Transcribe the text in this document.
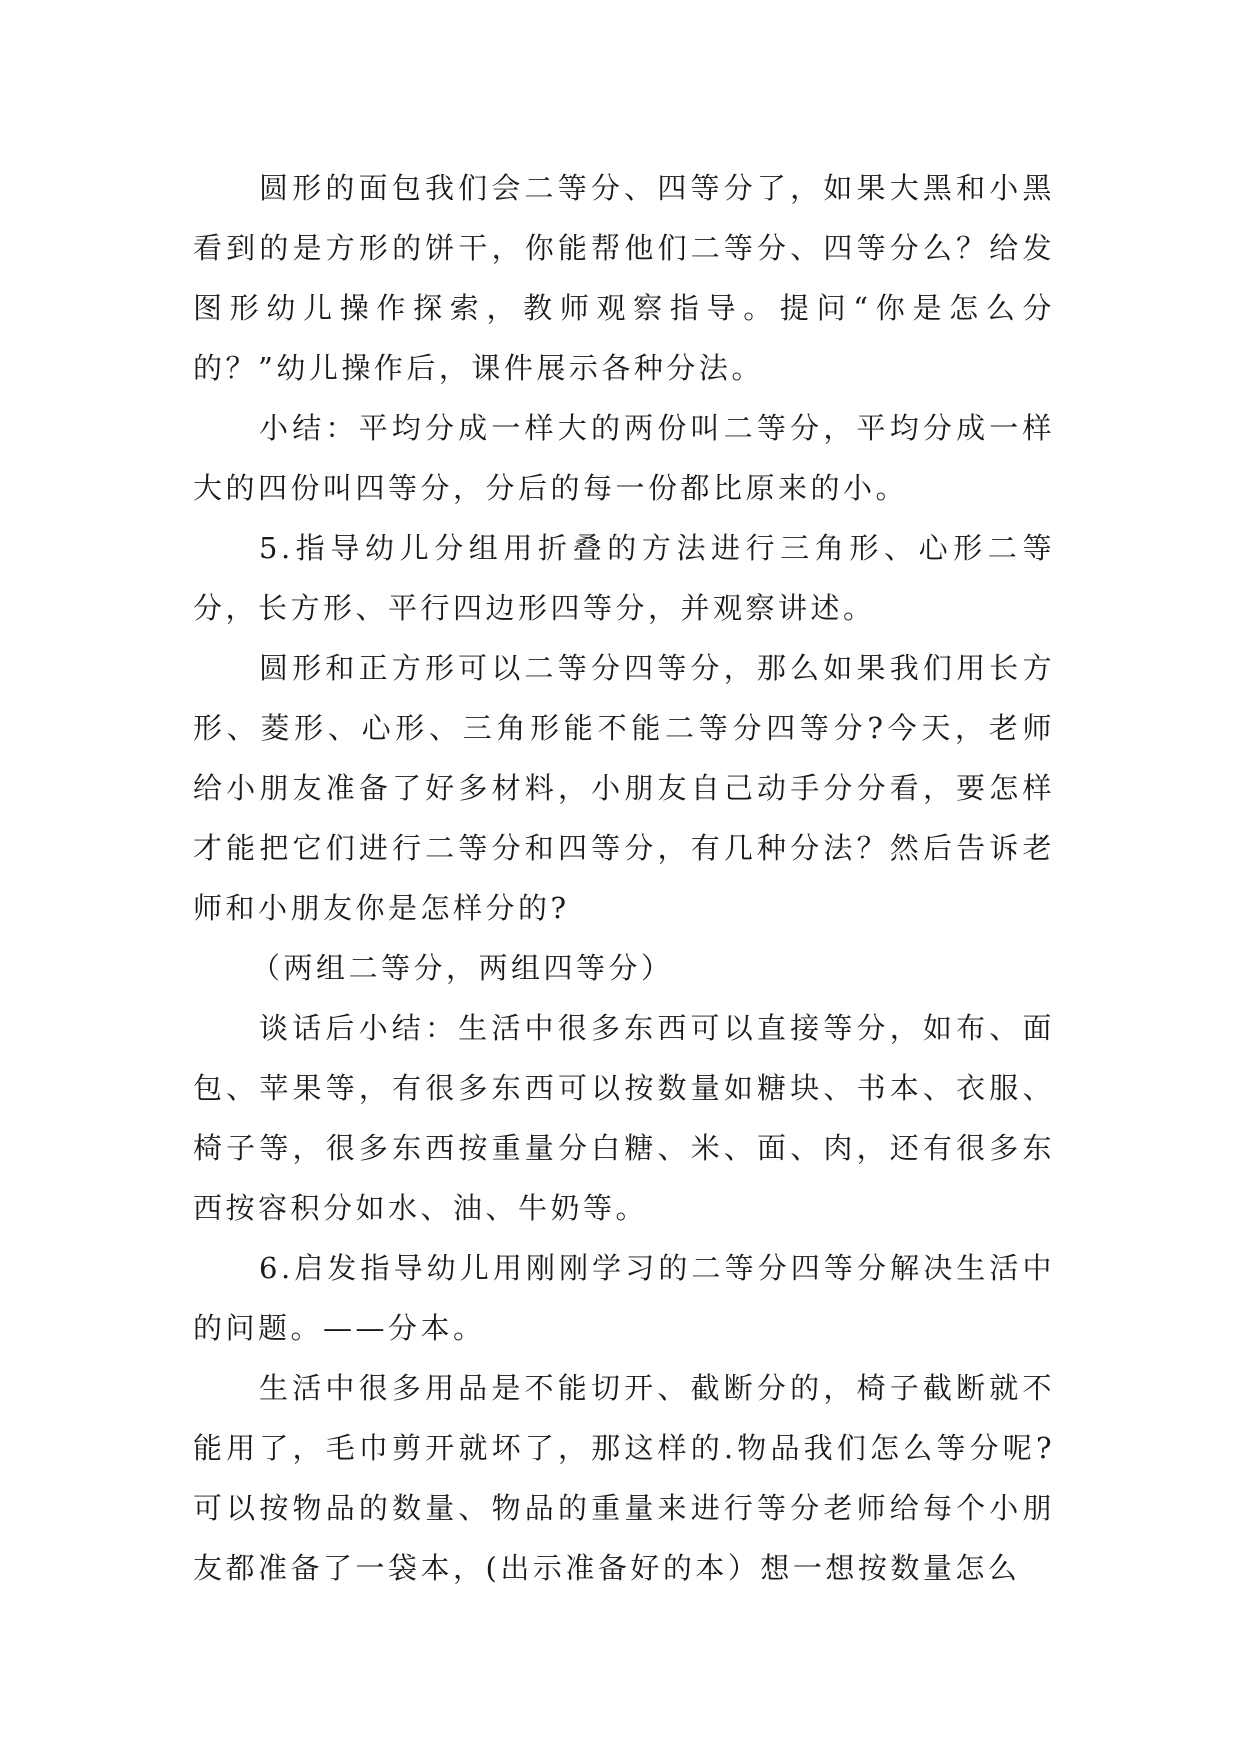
圆形的面包我们会二等分、四等分了，如果大黑和小黑看到的是方形的饼干，你能帮他们二等分、四等分么？给发图形幼儿操作探索，教师观察指导。提问“你是怎么分的？”幼儿操作后，课件展示各种分法。

小结：平均分成一样大的两份叫二等分，平均分成一样大的四份叫四等分，分后的每一份都比原来的小。

5.指导幼儿分组用折叠的方法进行三角形、心形二等分，长方形、平行四边形四等分，并观察讲述。

圆形和正方形可以二等分四等分，那么如果我们用长方形、菱形、心形、三角形能不能二等分四等分?今天，老师给小朋友准备了好多材料，小朋友自己动手分分看，要怎样才能把它们进行二等分和四等分，有几种分法？然后告诉老师和小朋友你是怎样分的?

（两组二等分，两组四等分）

谈话后小结：生活中很多东西可以直接等分，如布、面包、苹果等，有很多东西可以按数量如糖块、书本、衣服、椅子等，很多东西按重量分白糖、米、面、肉，还有很多东西按容积分如水、油、牛奶等。

6.启发指导幼儿用刚刚学习的二等分四等分解决生活中的问题。——分本。

生活中很多用品是不能切开、截断分的，椅子截断就不能用了，毛巾剪开就坏了，那这样的.物品我们怎么等分呢?可以按物品的数量、物品的重量来进行等分老师给每个小朋友都准备了一袋本，(出示准备好的本）想一想按数量怎么
